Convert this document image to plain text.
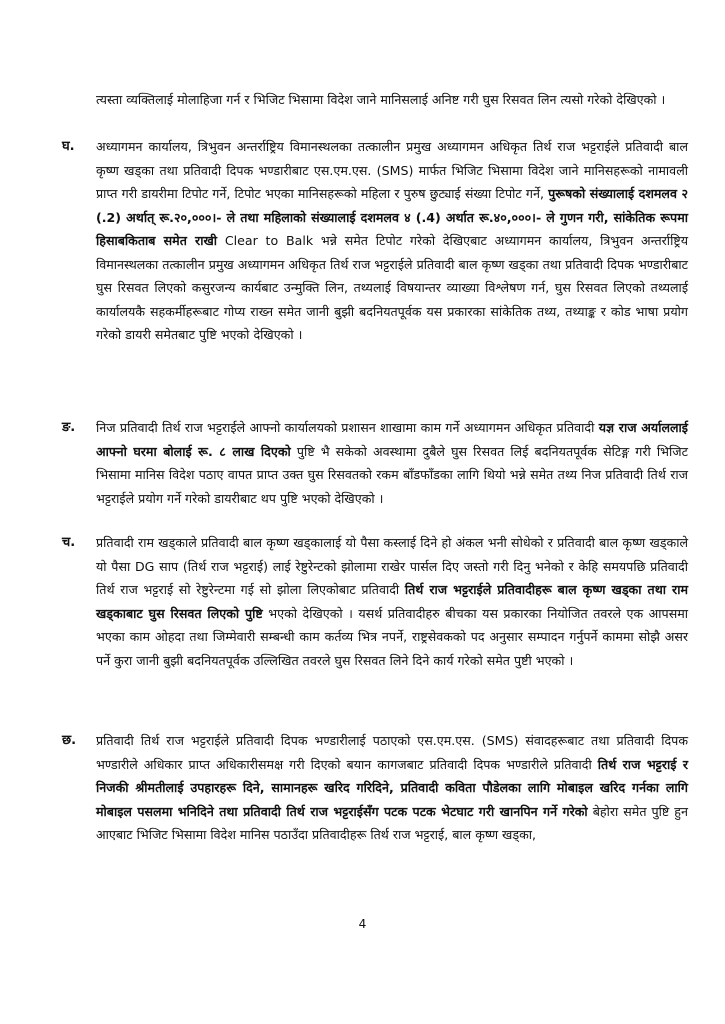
त्यस्ता व्यक्तिलाई मोलाहिजा गर्न र भिजिट भिसामा विदेश जाने मानिसलाई अनिष्ट गरी घुस रिसवत लिन त्यसो गरेको देखिएको ।

घ. अध्यागमन कार्यालय, त्रिभुवन अन्तर्राष्ट्रिय विमानस्थलका तत्कालीन प्रमुख अध्यागमन अधिकृत तिर्थ राज भट्टराईले प्रतिवादी बाल कृष्ण खड्का तथा प्रतिवादी दिपक भण्डारीबाट एस.एम.एस. (SMS) मार्फत भिजिट भिसामा विदेश जाने मानिसहरूको नामावली प्राप्त गरी डायरीमा टिपोट गर्ने, टिपोट भएका मानिसहरूको महिला र पुरुष छुट्याई संख्या टिपोट गर्ने, पुरूषको संख्यालाई दशमलव २ (.2) अर्थात् रू.२०,०००।- ले तथा महिलाको संख्यालाई दशमलव ४ (.4) अर्थात रू.४०,०००।- ले गुणन गरी, सांकेतिक रूपमा हिसाबकिताब समेत राखी Clear to Balk भन्ने समेत टिपोट गरेको देखिएबाट अध्यागमन कार्यालय, त्रिभुवन अन्तर्राष्ट्रिय विमानस्थलका तत्कालीन प्रमुख अध्यागमन अधिकृत तिर्थ राज भट्टराईले प्रतिवादी बाल कृष्ण खड्का तथा प्रतिवादी दिपक भण्डारीबाट घुस रिसवत लिएको कसुरजन्य कार्यबाट उन्मुक्ति लिन, तथ्यलाई विषयान्तर व्याख्या विश्लेषण गर्न, घुस रिसवत लिएको तथ्यलाई कार्यालयकै सहकर्मीहरूबाट गोप्य राख्न समेत जानी बुझी बदनियतपूर्वक यस प्रकारका सांकेतिक तथ्य, तथ्याङ्क र कोड भाषा प्रयोग गरेको डायरी समेतबाट पुष्टि भएको देखिएको ।

ङ. निज प्रतिवादी तिर्थ राज भट्टराईले आफ्नो कार्यालयको प्रशासन शाखामा काम गर्ने अध्यागमन अधिकृत प्रतिवादी यज्ञ राज अर्याललाई आफ्नो घरमा बोलाई रू. ८ लाख दिएको पुष्टि भै सकेको अवस्थामा दुबैले घुस रिसवत लिई बदनियतपूर्वक सेटिङ्ग गरी भिजिट भिसामा मानिस विदेश पठाए वापत प्राप्त उक्त घुस रिसवतको रकम बाँडफाँडका लागि थियो भन्ने समेत तथ्य निज प्रतिवादी तिर्थ राज भट्टराईले प्रयोग गर्ने गरेको डायरीबाट थप पुष्टि भएको देखिएको ।

च. प्रतिवादी राम खड्काले प्रतिवादी बाल कृष्ण खड्कालाई यो पैसा कस्लाई दिने हो अंकल भनी सोधेको र प्रतिवादी बाल कृष्ण खड्काले यो पैसा DG साप (तिर्थ राज भट्टराई) लाई रेष्टुरेन्टको झोलामा राखेर पार्सल दिए जस्तो गरी दिनु भनेको र केहि समयपछि प्रतिवादी तिर्थ राज भट्टराई सो रेष्टुरेन्टमा गई सो झोला लिएकोबाट प्रतिवादी तिर्थ राज भट्टराईले प्रतिवादीहरू बाल कृष्ण खड्का तथा राम खड्काबाट घुस रिसवत लिएको पुष्टि भएको देखिएको । यसर्थ प्रतिवादीहरु बीचका यस प्रकारका नियोजित तवरले एक आपसमा भएका काम ओहदा तथा जिम्मेवारी सम्बन्धी काम कर्तव्य भित्र नपर्ने, राष्ट्रसेवकको पद अनुसार सम्पादन गर्नुपर्ने काममा सोझै असर पर्ने कुरा जानी बुझी बदनियतपूर्वक उल्लिखित तवरले घुस रिसवत लिने दिने कार्य गरेको समेत पुष्टी भएको ।

छ. प्रतिवादी तिर्थ राज भट्टराईले प्रतिवादी दिपक भण्डारीलाई पठाएको एस.एम.एस. (SMS) संवादहरूबाट तथा प्रतिवादी दिपक भण्डारीले अधिकार प्राप्त अधिकारीसमक्ष गरी दिएको बयान कागजबाट प्रतिवादी दिपक भण्डारीले प्रतिवादी तिर्थ राज भट्टराई र निजकी श्रीमतीलाई उपहारहरू दिने, सामानहरू खरिद गरिदिने, प्रतिवादी कविता पौडेलका लागि मोबाइल खरिद गर्नका लागि मोबाइल पसलमा भनिदिने तथा प्रतिवादी तिर्थ राज भट्टराईसँग पटक पटक भेटघाट गरी खानपिन गर्ने गरेको बेहोरा समेत पुष्टि हुन आएबाट भिजिट भिसामा विदेश मानिस पठाउँदा प्रतिवादीहरू तिर्थ राज भट्टराई, बाल कृष्ण खड्का,

4
